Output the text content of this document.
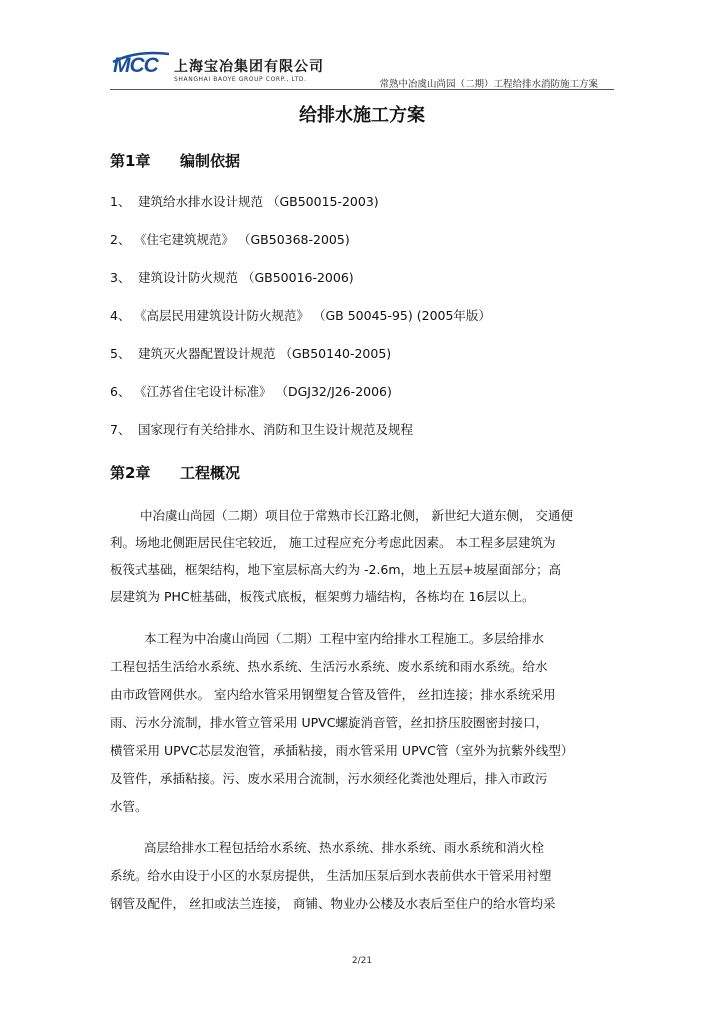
MCC 上海宝冶集团有限公司
SHANGHAI BAOYE GROUP CORP., LTD.	常熟中冶虞山尚园（二期）工程给排水消防施工方案
给排水施工方案
第1章 编制依据
1、 建筑给水排水设计规范 （GB50015-2003)
2、 《住宅建筑规范》 （GB50368-2005)
3、 建筑设计防火规范 （GB50016-2006)
4、 《高层民用建筑设计防火规范》 （GB 50045-95) (2005年版）
5、 建筑灭火器配置设计规范 （GB50140-2005)
6、 《江苏省住宅设计标准》 （DGJ32/J26-2006)
7、 国家现行有关给排水、消防和卫生设计规范及规程
第2章 工程概况
中冶虞山尚园（二期）项目位于常熟市长江路北侧， 新世纪大道东侧， 交通便
利。场地北侧距居民住宅较近， 施工过程应充分考虑此因素。 本工程多层建筑为
板筏式基础，框架结构，地下室层标高大约为 -2.6m，地上五层+坡屋面部分；高
层建筑为 PHC桩基础，板筏式底板，框架剪力墙结构，各栋均在 16层以上。
本工程为中冶虞山尚园（二期）工程中室内给排水工程施工。多层给排水
工程包括生活给水系统、热水系统、生活污水系统、废水系统和雨水系统。给水
由市政管网供水。 室内给水管采用钢塑复合管及管件， 丝扣连接；排水系统采用
雨、污水分流制，排水管立管采用 UPVC螺旋消音管，丝扣挤压胶圈密封接口，
横管采用 UPVC芯层发泡管，承插粘接，雨水管采用 UPVC管（室外为抗紫外线型）
及管件，承插粘接。污、废水采用合流制，污水须经化粪池处理后，排入市政污
水管。
高层给排水工程包括给水系统、热水系统、排水系统、雨水系统和消火栓
系统。给水由设于小区的水泵房提供， 生活加压泵后到水表前供水干管采用衬塑
钢管及配件， 丝扣或法兰连接， 商铺、物业办公楼及水表后至住户的给水管均采
2/21
